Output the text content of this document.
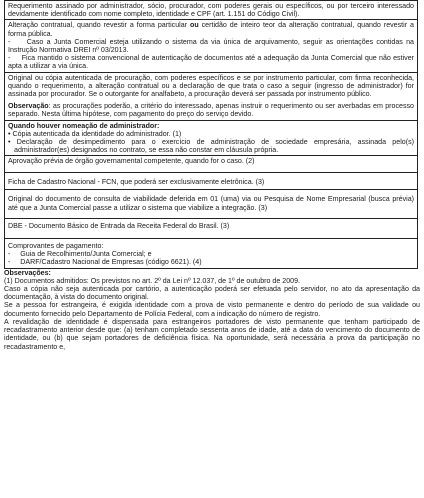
Requerimento assinado por administrador, sócio, procurador, com poderes gerais ou específicos, ou por terceiro interessado devidamente identificado com nome completo, identidade e CPF (art. 1.151 do Código Civil).

Alteração contratual, quando revestir a forma particular ou certidão de inteiro teor da alteração contratual, quando revestir a forma pública.

- Caso a Junta Comercial esteja utilizando o sistema da via única de arquivamento, seguir as orientações contidas na Instrução Normativa DREI nº 03/2013.

- Fica mantido o sistema convencional de autenticação de documentos até a adequação da Junta Comercial que não estiver apta a utilizar a via única.

Original ou cópia autenticada de procuração, com poderes específicos e se por instrumento particular, com firma reconhecida, quando o requerimento, a alteração contratual ou a declaração de que trata o caso a seguir (ingresso de administrador) for assinada por procurador. Se o outorgante for analfabeto, a procuração deverá ser passada por instrumento público.

Observação: as procurações poderão, a critério do interessado, apenas instruir o requerimento ou ser averbadas em processo separado. Nesta última hipótese, com pagamento do preço do serviço devido.

Quando houver nomeação de administrador:

• Cópia autenticada da identidade do administrador. (1)

• Declaração de desimpedimento para o exercício de administração de sociedade empresária, assinada pelo(s) administrador(es) designados no contrato, se essa não constar em cláusula própria.

Aprovação prévia de órgão governamental competente, quando for o caso. (2)

Ficha de Cadastro Nacional - FCN, que poderá ser exclusivamente eletrônica. (3)

Original do documento de consulta de viabilidade deferida em 01 (uma) via ou Pesquisa de Nome Empresarial (busca prévia) até que a Junta Comercial passe a utilizar o sistema que viabilize a integração. (3)

DBE - Documento Básico de Entrada da Receita Federal do Brasil. (3)

Comprovantes de pagamento:

- Guia de Recolhimento/Junta Comercial; e

- DARF/Cadastro Nacional de Empresas (código 6621). (4)

Observações:

(1) Documentos admitidos: Os previstos no art. 2º da Lei nº 12.037, de 1º de outubro de 2009.

Caso a cópia não seja autenticada por cartório, a autenticação poderá ser efetuada pelo servidor, no ato da apresentação da documentação, à vista do documento original.

Se a pessoa for estrangeira, é exigida identidade com a prova de visto permanente e dentro do período de sua validade ou documento fornecido pelo Departamento de Polícia Federal, com a indicação do número de registro.

A revalidação de identidade é dispensada para estrangeiros portadores de visto permanente que tenham participado de recadastramento anterior desde que: (a) tenham completado sessenta anos de idade, até a data do vencimento do documento de identidade, ou (b) que sejam portadores de deficiência física. Na oportunidade, será necessária a prova da participação no recadastramento e,
